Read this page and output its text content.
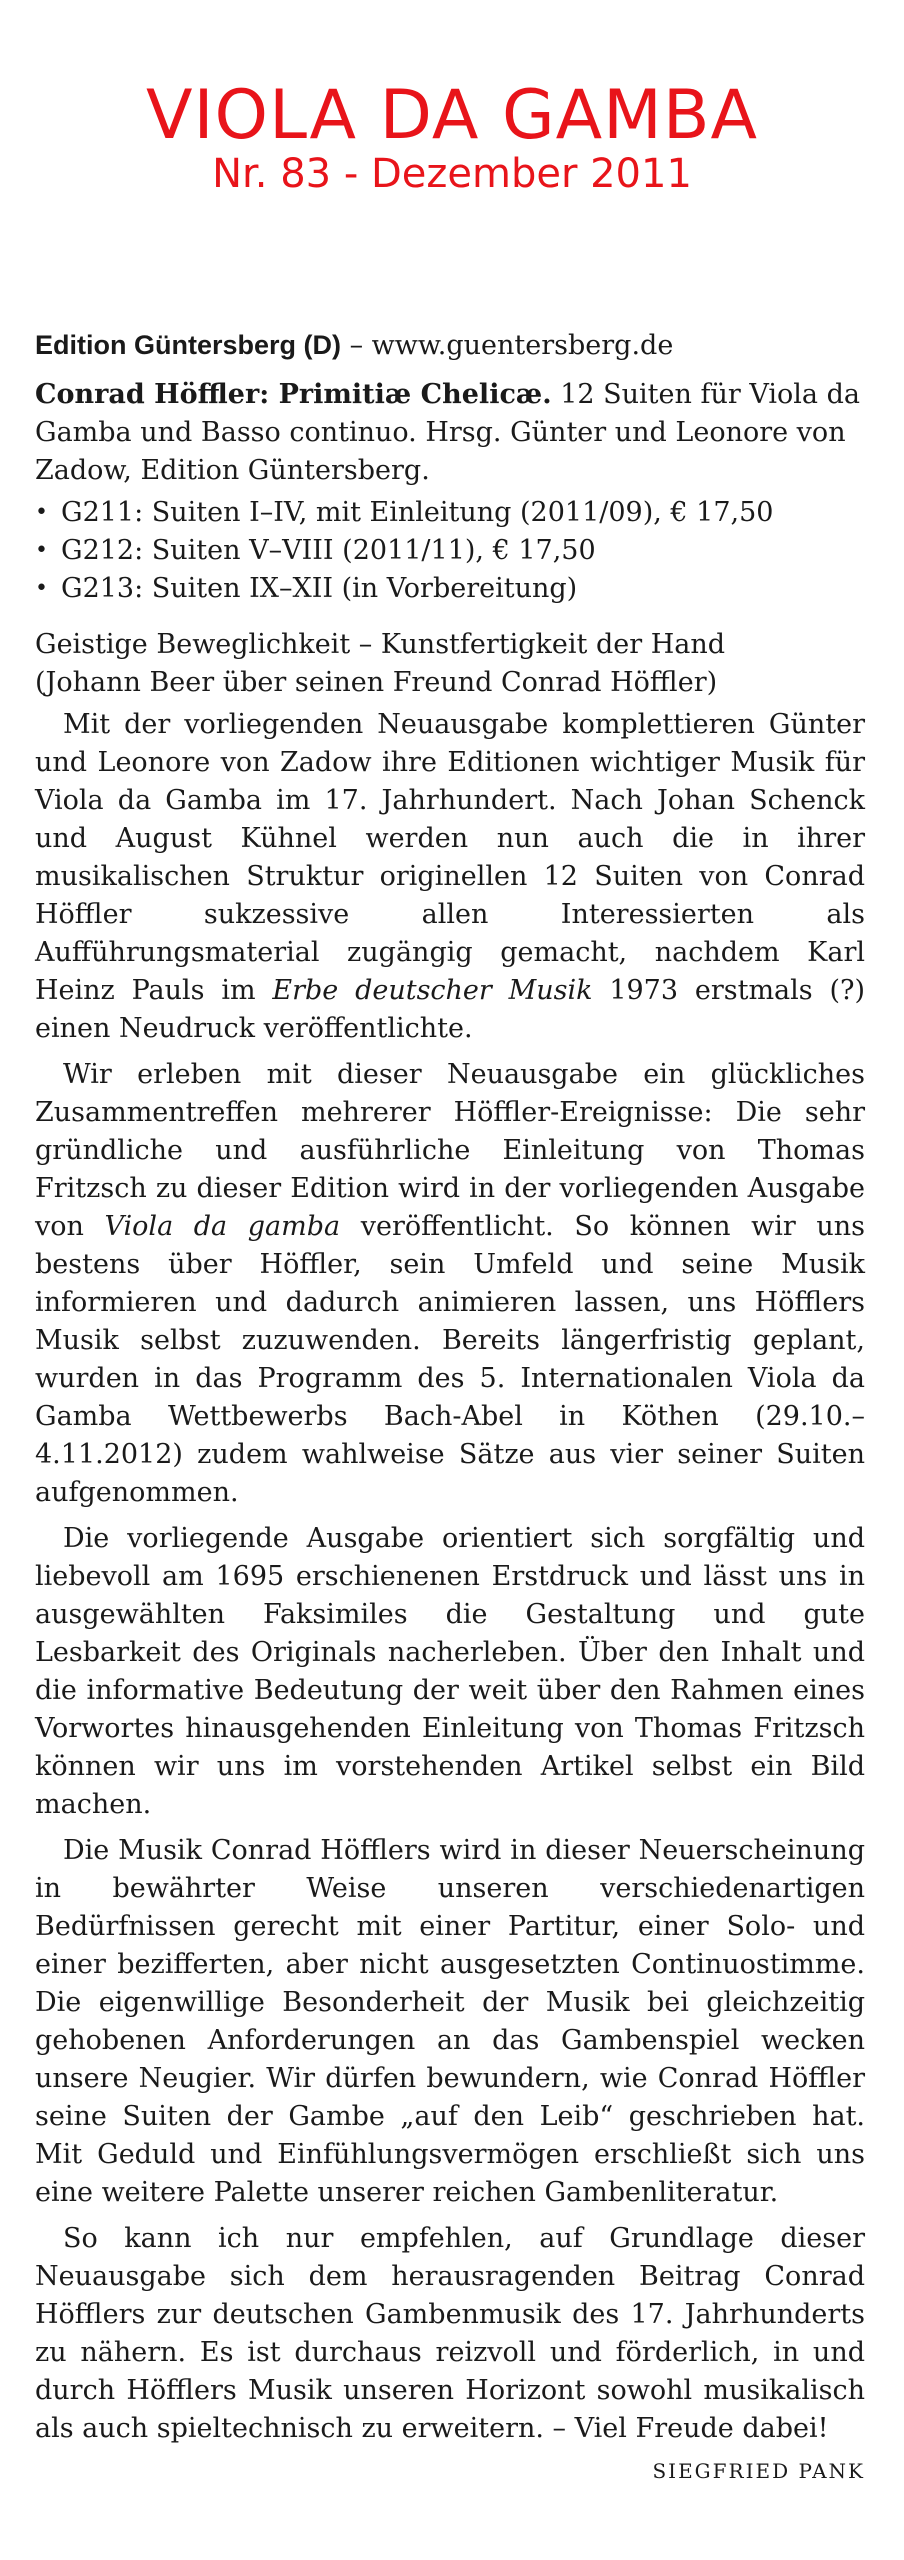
VIOLA DA GAMBA
Nr. 83 - Dezember 2011
Edition Güntersberg (D) – www.guentersberg.de

Conrad Höffler: Primitiæ Chelicæ. 12 Suiten für Viola da Gamba und Basso continuo. Hrsg. Günter und Leonore von Zadow, Edition Güntersberg.

• G211: Suiten I–IV, mit Einleitung (2011/09), € 17,50
• G212: Suiten V–VIII (2011/11), € 17,50
• G213: Suiten IX–XII (in Vorbereitung)
Geistige Beweglichkeit – Kunstfertigkeit der Hand
(Johann Beer über seinen Freund Conrad Höffler)

Mit der vorliegenden Neuausgabe komplettieren Günter und Leonore von Zadow ihre Editionen wichtiger Musik für Viola da Gamba im 17. Jahrhundert. Nach Johan Schenck und August Kühnel werden nun auch die in ihrer musikalischen Struktur originellen 12 Suiten von Conrad Höffler sukzessive allen Interessierten als Aufführungsmaterial zugängig gemacht, nachdem Karl Heinz Pauls im Erbe deutscher Musik 1973 erstmals (?) einen Neudruck veröffentlichte.

Wir erleben mit dieser Neuausgabe ein glückliches Zusammentreffen mehrerer Höffler-Ereignisse: Die sehr gründliche und ausführliche Einleitung von Thomas Fritzsch zu dieser Edition wird in der vorliegenden Ausgabe von Viola da gamba veröffentlicht. So können wir uns bestens über Höffler, sein Umfeld und seine Musik informieren und dadurch animieren lassen, uns Höfflers Musik selbst zuzuwenden. Bereits längerfristig geplant, wurden in das Programm des 5. Internationalen Viola da Gamba Wettbewerbs Bach-Abel in Köthen (29.10.–4.11.2012) zudem wahlweise Sätze aus vier seiner Suiten aufgenommen.

Die vorliegende Ausgabe orientiert sich sorgfältig und liebevoll am 1695 erschienenen Erstdruck und lässt uns in ausgewählten Faksimiles die Gestaltung und gute Lesbarkeit des Originals nacherleben. Über den Inhalt und die informative Bedeutung der weit über den Rahmen eines Vorwortes hinausgehenden Einleitung von Thomas Fritzsch können wir uns im vorstehenden Artikel selbst ein Bild machen.

Die Musik Conrad Höfflers wird in dieser Neuerscheinung in bewährter Weise unseren verschiedenartigen Bedürfnissen gerecht mit einer Partitur, einer Solo- und einer bezifferten, aber nicht ausgesetzten Continuostimme. Die eigenwillige Besonderheit der Musik bei gleichzeitig gehobenen Anforderungen an das Gambenspiel wecken unsere Neugier. Wir dürfen bewundern, wie Conrad Höffler seine Suiten der Gambe „auf den Leib“ geschrieben hat. Mit Geduld und Einfühlungsvermögen erschließt sich uns eine weitere Palette unserer reichen Gambenliteratur.

So kann ich nur empfehlen, auf Grundlage dieser Neuausgabe sich dem herausragenden Beitrag Conrad Höfflers zur deutschen Gambenmusik des 17. Jahrhunderts zu nähern. Es ist durchaus reizvoll und förderlich, in und durch Höfflers Musik unseren Horizont sowohl musikalisch als auch spieltechnisch zu erweitern. – Viel Freude dabei!

SIEGFRIED PANK
